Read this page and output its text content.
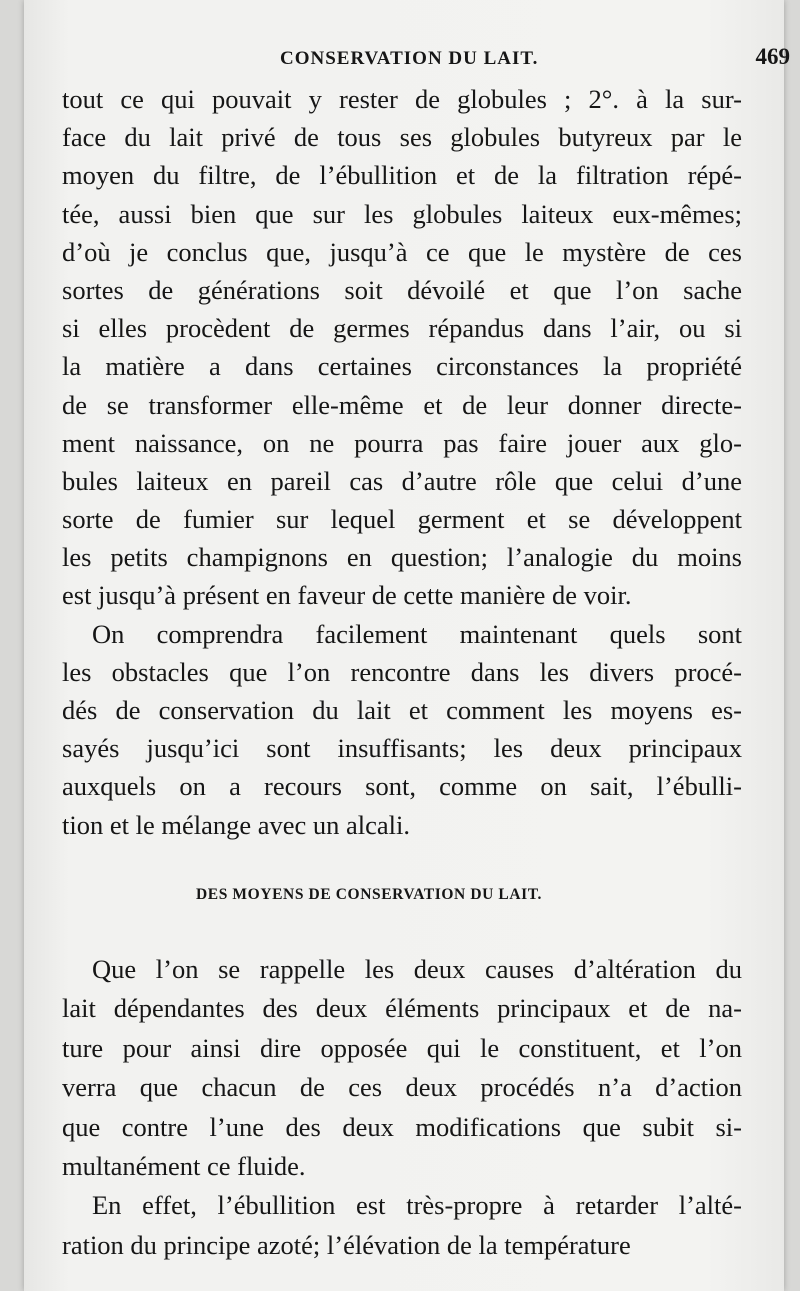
CONSERVATION DU LAIT.	469
tout ce qui pouvait y rester de globules ; 2°. à la sur-
face du lait privé de tous ses globules butyreux par le
moyen du filtre, de l’ébullition et de la filtration répé-
tée, aussi bien que sur les globules laiteux eux-mêmes;
d’où je conclus que, jusqu’à ce que le mystère de ces
sortes de générations soit dévoilé et que l’on sache
si elles procèdent de germes répandus dans l’air, ou si
la matière a dans certaines circonstances la propriété
de se transformer elle-même et de leur donner directe-
ment naissance, on ne pourra pas faire jouer aux glo-
bules laiteux en pareil cas d’autre rôle que celui d’une
sorte de fumier sur lequel germent et se développent
les petits champignons en question; l’analogie du moins
est jusqu’à présent en faveur de cette manière de voir.
On comprendra facilement maintenant quels sont
les obstacles que l’on rencontre dans les divers procé-
dés de conservation du lait et comment les moyens es-
sayés jusqu’ici sont insuffisants; les deux principaux
auxquels on a recours sont, comme on sait, l’ébulli-
tion et le mélange avec un alcali.
DES MOYENS DE CONSERVATION DU LAIT.
Que l’on se rappelle les deux causes d’altération du
lait dépendantes des deux éléments principaux et de na-
ture pour ainsi dire opposée qui le constituent, et l’on
verra que chacun de ces deux procédés n’a d’action
que contre l’une des deux modifications que subit si-
multanément ce fluide.
En effet, l’ébullition est très-propre à retarder l’alté-
ration du principe azoté; l’élévation de la température
